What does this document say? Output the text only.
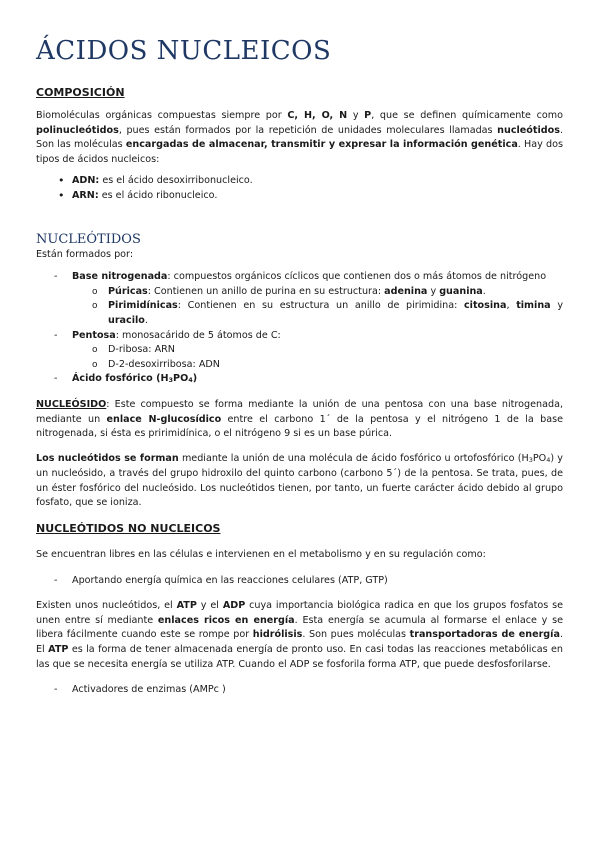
ÁCIDOS NUCLEICOS
COMPOSICIÓN

Biomoléculas orgánicas compuestas siempre por C, H, O, N y P, que se definen químicamente como polinucleótidos, pues están formados por la repetición de unidades moleculares llamadas nucleótidos. Son las moléculas encargadas de almacenar, transmitir y expresar la información genética. Hay dos tipos de ácidos nucleicos:

• ADN: es el ácido desoxirribonucleico.
• ARN: es el ácido ribonucleico.
NUCLEÓTIDOS

Están formados por:

- Base nitrogenada: compuestos orgánicos cíclicos que contienen dos o más átomos de nitrógeno
o Púricas: Contienen un anillo de purina en su estructura: adenina y guanina.
o Pirimidínicas: Contienen en su estructura un anillo de pirimidina: citosina, timina y uracilo.
- Pentosa: monosacárido de 5 átomos de C:
o D-ribosa: ARN
o D-2-desoxirribosa: ADN
- Ácido fosfórico $(H_3PO_4)$

NUCLEÓSIDO: Este compuesto se forma mediante la unión de una pentosa con una base nitrogenada, mediante un enlace N-glucosídico entre el carbono 1´ de la pentosa y el nitrógeno 1 de la base nitrogenada, si ésta es pririmidínica, o el nitrógeno 9 si es un base púrica.

Los nucleótidos se forman mediante la unión de una molécula de ácido fosfórico u ortofosfórico $(H_3PO_4)$ y un nucleósido, a través del grupo hidroxilo del quinto carbono (carbono 5´) de la pentosa. Se trata, pues, de un éster fosfórico del nucleósido. Los nucleótidos tienen, por tanto, un fuerte carácter ácido debido al grupo fosfato, que se ioniza.

NUCLEÓTIDOS NO NUCLEICOS

Se encuentran libres en las células e intervienen en el metabolismo y en su regulación como:

- Aportando energía química en las reacciones celulares (ATP, GTP)

Existen unos nucleótidos, el ATP y el ADP cuya importancia biológica radica en que los grupos fosfatos se unen entre sí mediante enlaces ricos en energía. Esta energía se acumula al formarse el enlace y se libera fácilmente cuando este se rompe por hidrólisis. Son pues moléculas transportadoras de energía. El ATP es la forma de tener almacenada energía de pronto uso. En casi todas las reacciones metabólicas en las que se necesita energía se utiliza ATP. Cuando el ADP se fosforila forma ATP, que puede desfosforilarse.

- Activadores de enzimas (AMPc )
